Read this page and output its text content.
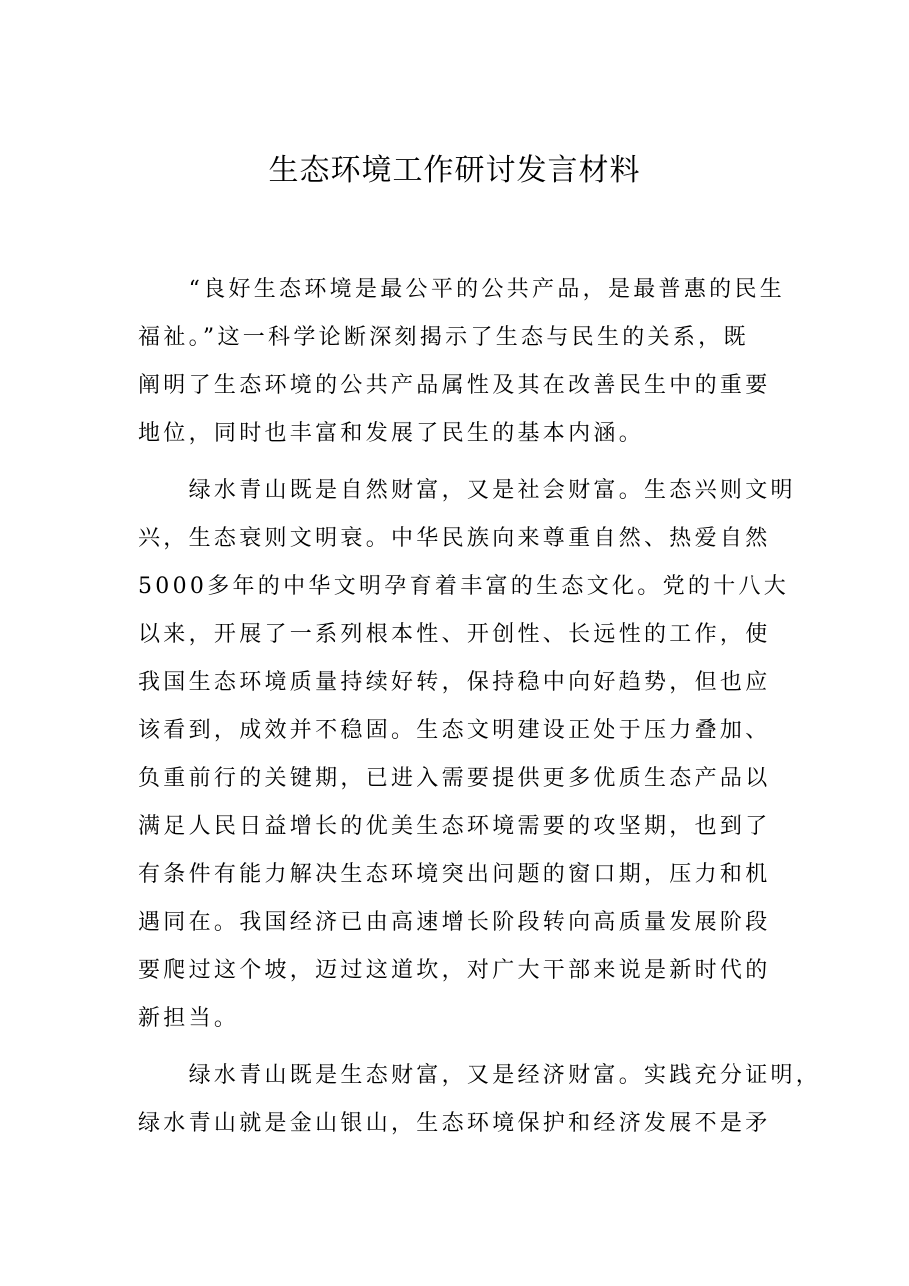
生态环境工作研讨发言材料
　　“良好生态环境是最公平的公共产品，是最普惠的民生
福祉。”这一科学论断深刻揭示了生态与民生的关系，既
阐明了生态环境的公共产品属性及其在改善民生中的重要
地位，同时也丰富和发展了民生的基本内涵。
　　绿水青山既是自然财富，又是社会财富。生态兴则文明
兴，生态衰则文明衰。中华民族向来尊重自然、热爱自然
5000多年的中华文明孕育着丰富的生态文化。党的十八大
以来，开展了一系列根本性、开创性、长远性的工作，使
我国生态环境质量持续好转，保持稳中向好趋势，但也应
该看到，成效并不稳固。生态文明建设正处于压力叠加、
负重前行的关键期，已进入需要提供更多优质生态产品以
满足人民日益增长的优美生态环境需要的攻坚期，也到了
有条件有能力解决生态环境突出问题的窗口期，压力和机
遇同在。我国经济已由高速增长阶段转向高质量发展阶段
要爬过这个坡，迈过这道坎，对广大干部来说是新时代的
新担当。
　　绿水青山既是生态财富，又是经济财富。实践充分证明，
绿水青山就是金山银山，生态环境保护和经济发展不是矛
